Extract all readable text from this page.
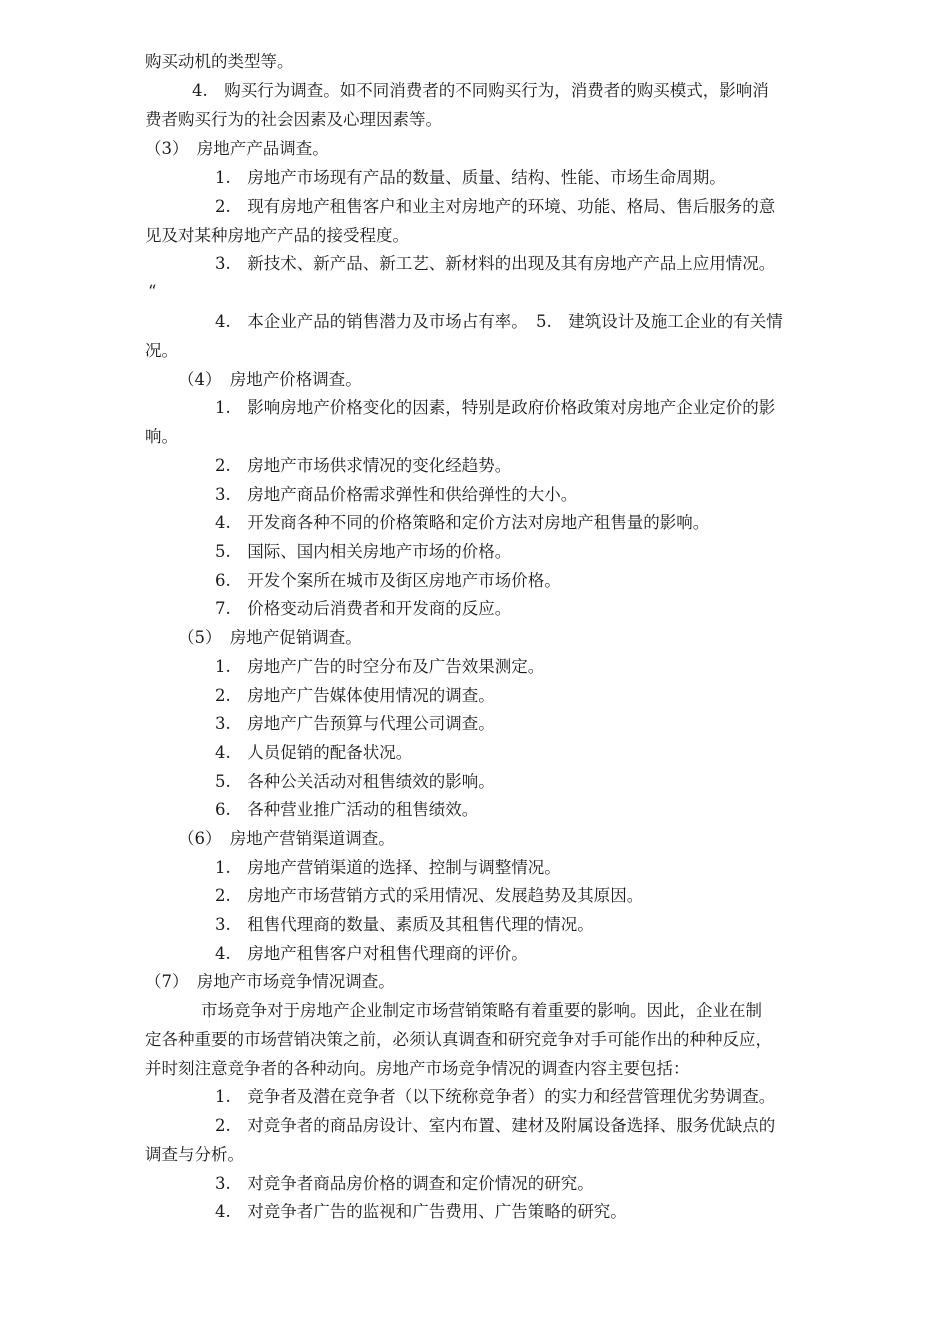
购买动机的类型等。
4.　购买行为调查。如不同消费者的不同购买行为，消费者的购买模式，影响消
费者购买行为的社会因素及心理因素等。
（3）　房地产产品调查。
1.　房地产市场现有产品的数量、质量、结构、性能、市场生命周期。
2.　现有房地产租售客户和业主对房地产的环境、功能、格局、售后服务的意
见及对某种房地产产品的接受程度。
3.　新技术、新产品、新工艺、新材料的出现及其有房地产产品上应用情况。
“
4.　本企业产品的销售潜力及市场占有率。　5.　建筑设计及施工企业的有关情
况。
（4）　房地产价格调查。
1.　影响房地产价格变化的因素，特别是政府价格政策对房地产企业定价的影
响。
2.　房地产市场供求情况的变化经趋势。
3.　房地产商品价格需求弹性和供给弹性的大小。
4.　开发商各种不同的价格策略和定价方法对房地产租售量的影响。
5.　国际、国内相关房地产市场的价格。
6.　开发个案所在城市及街区房地产市场价格。
7.　价格变动后消费者和开发商的反应。
（5）　房地产促销调查。
1.　房地产广告的时空分布及广告效果测定。
2.　房地产广告媒体使用情况的调查。
3.　房地产广告预算与代理公司调查。
4.　人员促销的配备状况。
5.　各种公关活动对租售绩效的影响。
6.　各种营业推广活动的租售绩效。
（6）　房地产营销渠道调查。
1.　房地产营销渠道的选择、控制与调整情况。
2.　房地产市场营销方式的采用情况、发展趋势及其原因。
3.　租售代理商的数量、素质及其租售代理的情况。
4.　房地产租售客户对租售代理商的评价。
（7）　房地产市场竞争情况调查。
市场竞争对于房地产企业制定市场营销策略有着重要的影响。因此，企业在制
定各种重要的市场营销决策之前，必须认真调查和研究竞争对手可能作出的种种反应，
并时刻注意竞争者的各种动向。房地产市场竞争情况的调查内容主要包括：
1.　竞争者及潜在竞争者（以下统称竞争者）的实力和经营管理优劣势调查。
2.　对竞争者的商品房设计、室内布置、建材及附属设备选择、服务优缺点的
调查与分析。
3.　对竞争者商品房价格的调查和定价情况的研究。
4.　对竞争者广告的监视和广告费用、广告策略的研究。
